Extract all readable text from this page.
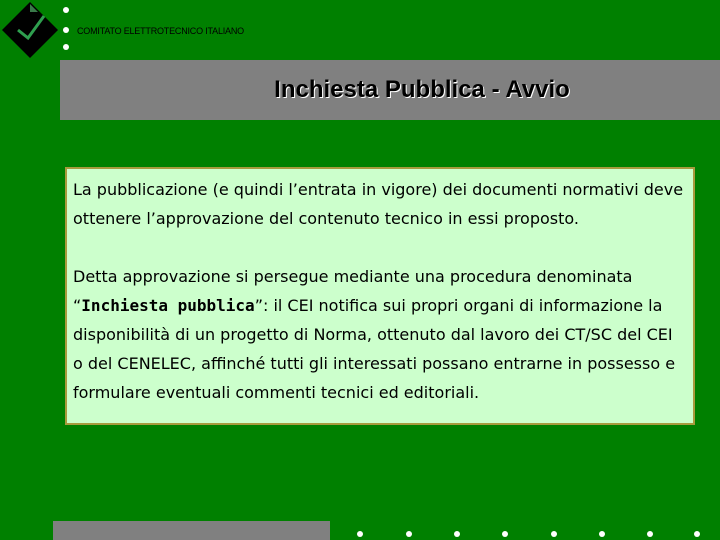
COMITATO ELETTROTECNICO ITALIANO
Inchiesta Pubblica - Avvio

La pubblicazione (e quindi l’entrata in vigore) dei documenti normativi deve ottenere l’approvazione del contenuto tecnico in essi proposto.

Detta approvazione si persegue mediante una procedura denominata “Inchiesta pubblica”: il CEI notifica sui propri organi di informazione la disponibilità di un progetto di Norma, ottenuto dal lavoro dei CT/SC del CEI o del CENELEC, affinché tutti gli interessati possano entrarne in possesso e formulare eventuali commenti tecnici ed editoriali.
